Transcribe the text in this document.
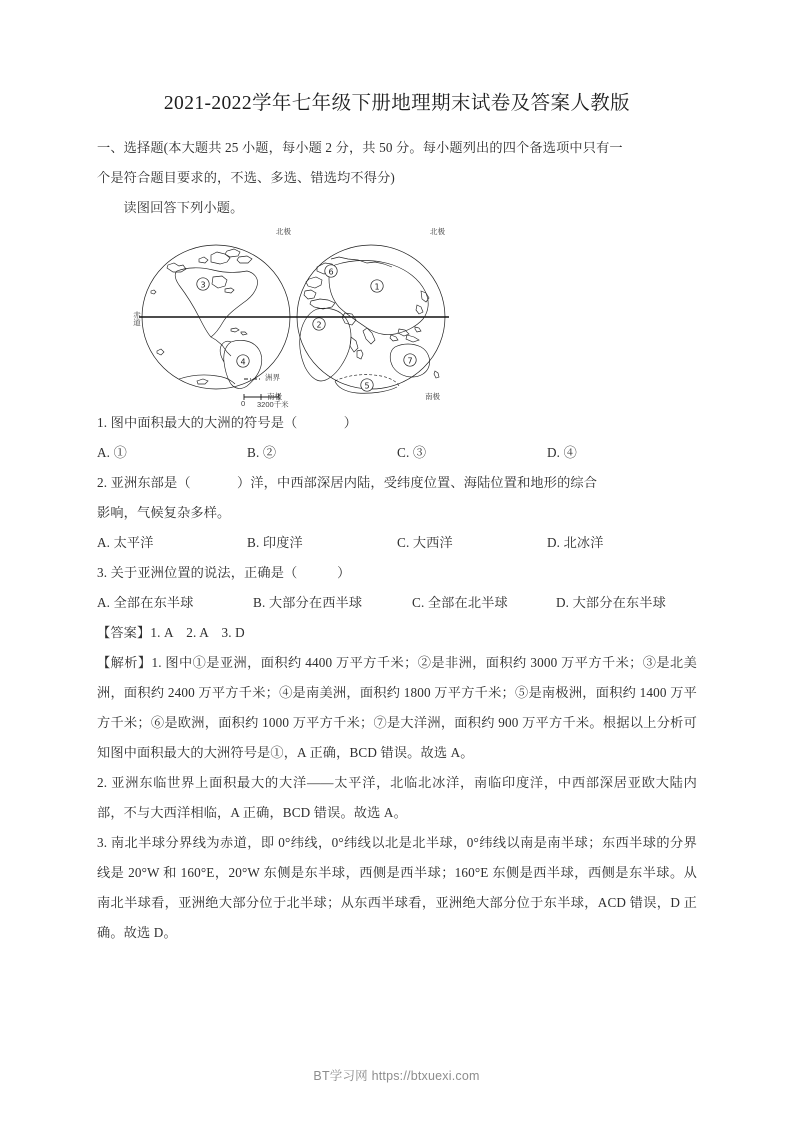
2021-2022学年七年级下册地理期末试卷及答案人教版

一、选择题(本大题共 25 小题，每小题 2 分，共 50 分。每小题列出的四个备选项中只有一

个是符合题目要求的，不选、多选、错选均不得分)

读图回答下列小题。

1
2
3
4
5
6
7
北极	北极
南极	南极
赤道
洲界
0 3200千米

1. 图中面积最大的大洲的符号是（	）

A. ①	B. ②	C. ③	D. ④

2. 亚洲东部是（	）洋，中西部深居内陆，受纬度位置、海陆位置和地形的综合

影响，气候复杂多样。

A. 太平洋	B. 印度洋	C. 大西洋	D. 北冰洋

3. 关于亚洲位置的说法，正确是（	）

A. 全部在东半球	B. 大部分在西半球	C. 全部在北半球	D. 大部分在东半球

【答案】1. A　2. A　3. D

【解析】1. 图中①是亚洲，面积约 4400 万平方千米；②是非洲，面积约 3000 万平方千米；③是北美洲，面积约 2400 万平方千米；④是南美洲，面积约 1800 万平方千米；⑤是南极洲，面积约 1400 万平方千米；⑥是欧洲，面积约 1000 万平方千米；⑦是大洋洲，面积约 900 万平方千米。根据以上分析可知图中面积最大的大洲符号是①，A 正确，BCD 错误。故选 A。

2. 亚洲东临世界上面积最大的大洋——太平洋，北临北冰洋，南临印度洋，中西部深居亚欧大陆内部，不与大西洋相临，A 正确，BCD 错误。故选 A。

3. 南北半球分界线为赤道，即 0°纬线，0°纬线以北是北半球，0°纬线以南是南半球；东西半球的分界线是 20°W 和 160°E，20°W 东侧是东半球，西侧是西半球；160°E 东侧是西半球，西侧是东半球。从南北半球看，亚洲绝大部分位于北半球；从东西半球看，亚洲绝大部分位于东半球，ACD 错误，D 正确。故选 D。

BT学习网 https://btxuexi.com
